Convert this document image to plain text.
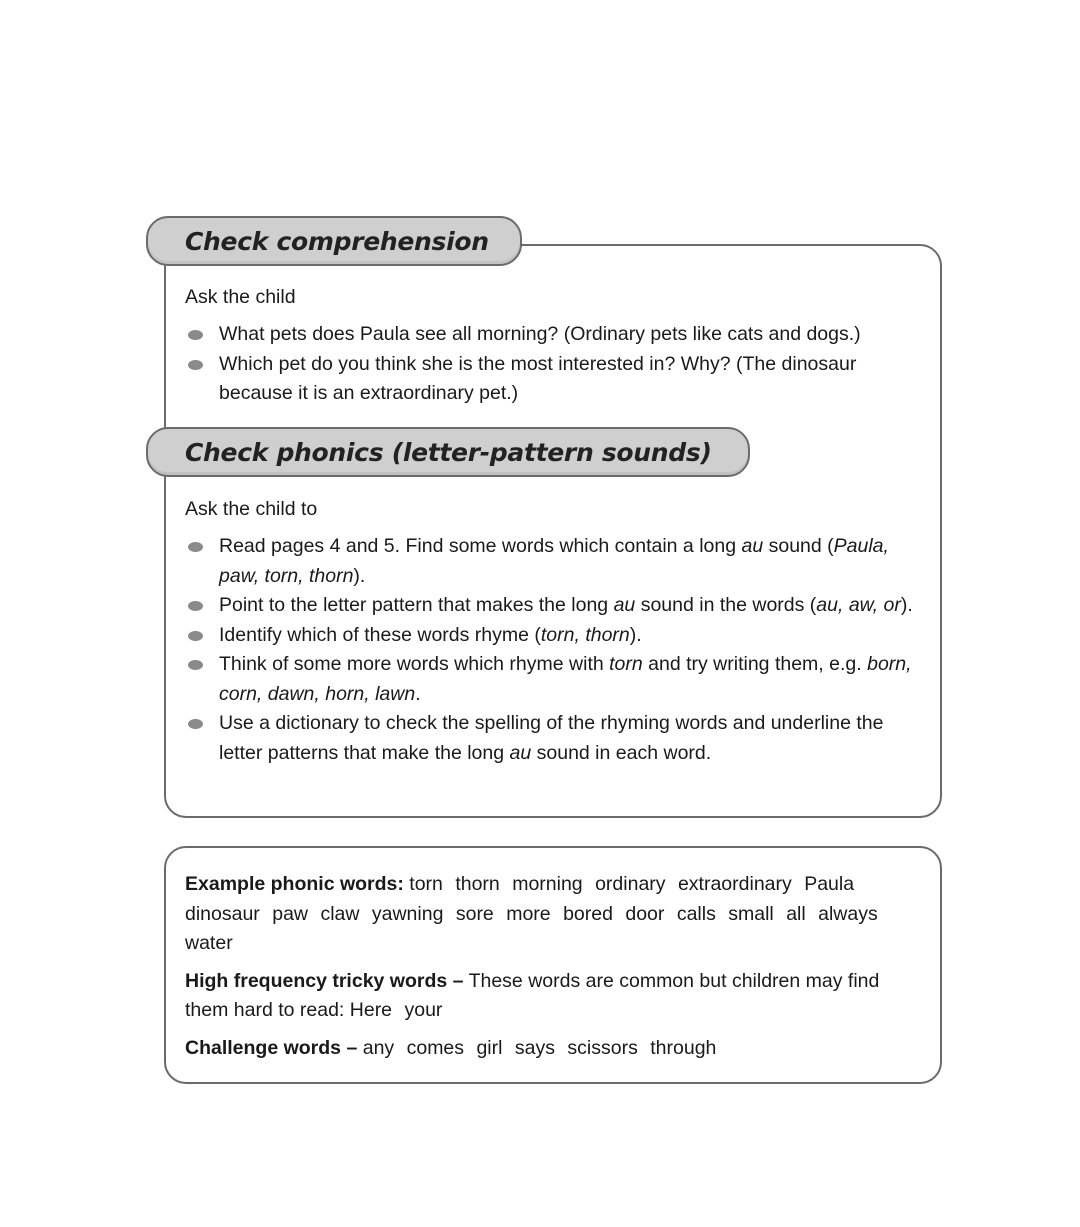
Check comprehension
Ask the child
What pets does Paula see all morning? (Ordinary pets like cats and dogs.)
Which pet do you think she is the most interested in? Why? (The dinosaur because it is an extraordinary pet.)
Check phonics (letter-pattern sounds)
Ask the child to
Read pages 4 and 5. Find some words which contain a long au sound (Paula, paw, torn, thorn).
Point to the letter pattern that makes the long au sound in the words (au, aw, or).
Identify which of these words rhyme (torn, thorn).
Think of some more words which rhyme with torn and try writing them, e.g. born, corn, dawn, horn, lawn.
Use a dictionary to check the spelling of the rhyming words and underline the letter patterns that make the long au sound in each word.

Example phonic words: torn thorn morning ordinary extraordinary Paula dinosaur paw claw yawning sore more bored door calls small all always water

High frequency tricky words – These words are common but children may find them hard to read: Here your

Challenge words – any comes girl says scissors through
